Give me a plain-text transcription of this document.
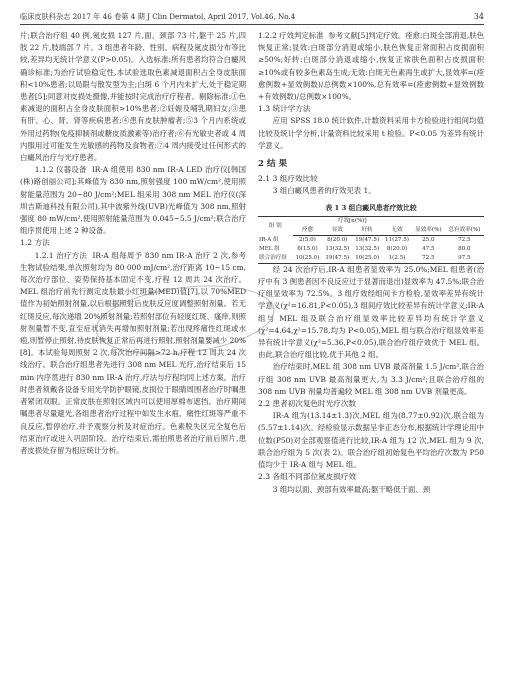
临床皮肤科杂志 2017 年 46 卷第 4 期 J Clin Dermatol, April 2017, Vol.46, No.4	34

片;联合治疗组 40 例,氪皮损 127 片,面、颈部 73 片,躯干 25 片,四肢 22 片,肢端部 7 片。3 组患者年龄、性别、病程及氪皮损分布等比较,差异均无统计学意义(P>0.05)。入选标准:所有患者均符合白癜风确诊标准;为治疗试验稳定性,本试验选取色素减退面积占全身皮肤面积<10%患者;以局限与散发型为主;白斑 6 个月内未扩大,处于稳定期患者[5];同意对皮损处摄像,并能按时完成治疗疗程者。剔除标准:①色素减退的面积占全身皮肤面积>10%患者;②妊娠及哺乳期妇女;③患有肝、心、肾、肾等疾病患者;④患有皮肤肿瘤者;⑤3 个月内系统或外用过药物(免疫抑制剂或糖皮质激素等)治疗者;⑥有光敏史者或 4 周内服用过可能发生光敏感的药物及食物者;⑦4 周内接受过任何形式的白癜风治疗与光疗患者。

1.1.2 仪器设备 IR-A 组使用 830 nm IR-A LED 治疗仪[韩国(株)路创丽公司];其峰值为 830 nm,照射强度 100 mW/cm²,使用照射能量范围为 20~80 J/cm²;MEL 组采用 308 nm MEL 治疗仪(深圳吉斯迪科技有限公司),其中波紫外线(UVB)光峰值为 308 nm,照射强度 80 mW/cm²,使用照射能量范围为 0.045~5.5 J/cm²;联合治疗组序贯使用上述 2 种设备。

1.2 方法

1.2.1 治疗方法 IR-A 组每周予 830 nm IR-A 治疗 2 次,参考生物试验结果,单次照射均为 80 000 mJ/cm²,治疗距离 10~15 cm,每次治疗部位、姿势保持基本固定不变,疗程 12 周共 24 次治疗。MEL 组治疗前先行测定皮肤最小红斑量(MED)值[7],以 70%MED 值作为初始照射剂量,以后根据照射后皮肤反应度调整照射剂量。若无红斑反应,每次递增 20%照射剂量;若照射部位有轻度红斑、瘙痒,则照射剂量暂不变,直至症状消失再增加照射剂量;若出现疼痛性红斑或水疱,则暂停止照射,待皮肤恢复正常后再进行照射,照射剂量要减少 20%[8]。本试验每周照射 2 次,每次治疗间隔>72 h,疗程 12 周共 24 次线治疗。联合治疗组患者先进行 308 nm MEL 光疗,治疗结束后 15 min 内序贯进行 830 nm IR-A 治疗,疗法与疗程均同上述方案。治疗时患者须戴各设备专用光学防护眼镜,皮损位于眼睛周围者治疗时嘱患者紧闭双眼。正常皮肤在照射区域内可以使用厚棉布遮挡。治疗期间嘱患者尽量避光,各组患者治疗过程中如发生水疱、痛性红斑等严重不良反应,暂停治疗,并予观察分析及对症治疗。色素脱失区完全复色后结束治疗或进入巩固阶段。治疗结束后,需拍照患者治疗前后照片,患者皮损处存留为相应统计分析。

1.2.2 疗效判定标准 参考文献[5]判定疗效。痊愈:白斑全部消退,肤色恢复正常;显效:白斑部分消退或缩小,肤色恢复正常面积占皮损面积≥50%;好转:白斑部分消退或缩小,恢复正常肤色面积占皮损面积≥10%或有较多色素岛生成;无效:白斑无色素再生或扩大,显效率=(痊愈例数+显效例数)/总例数×100%,总有效率=(痊愈例数+显效例数+有效例数)/总例数×100%。

1.3 统计学方法

应用 SPSS 18.0 统计软件,计数资料采用卡方检验进行组间均值比较及统计学分析,计量资料比较采用 t 检验。P<0.05 为差异有统计学意义。

2 结 果
2.1 3 组疗效比较

3 组白癜风患者的疗效见表 1。

表 1 3 组白癜风患者疗效比较
组 别	疗效[n(%)]					
	痊愈	显效	好转	无效	显效率(%)	总有效率(%)
IR-A 组	2(5.0)	8(20.0)	19(47.5)	11(27.5)	25.0	72.5
MEL 组	6(15.0)	13(32.5)	13(32.5)	8(20.0)	47.5	80.0
联合治疗组	10(25.0)	19(47.5)	10(25.0)	1(2.5)	72.5	97.5

经 24 次治疗后,IR-A 组患者显效率为 25.0%;MEL 组患者(治疗中有 3 例患者因不良反应过于显著而退出)显效率为 47.5%;联合治疗组显效率为 72.5%。3 组疗效经组间卡方检验,显效率差异有统计学意义(χ²=16.81,P<0.05),3 组间疗效比较差异有统计学意义;IR-A 组与 MEL 组及联合治疗组显效率比较差异均有统计学意义(χ²=4.64,χ²=15.78,均为 P<0.05),MEL 组与联合治疗组显效率差异有统计学意义(χ²=5.36,P<0.05),联合治疗组疗效优于 MEL 组。由此,联合治疗组比较,优于其他 2 组。

治疗结束时,MEL 组 308 nm UVB 最高剂量 1.5 J/cm²,联合治疗组 308 nm UVB 最高剂量更大,为 3.3 J/cm²;且联合治疗组的 308 nm UVB 剂量均普遍较 MEL 组 308 nm UVB 剂量更高。

2.2 患者初次复色时光疗次数

IR-A 组为(13.14±1.3)次,MEL 组为(8.77±0.92)次,联合组为(5.57±1.14)次。经检验显示数据呈非正态分布,根据统计学理论用中位数(P50)对全部观察值进行比较,IR-A 组为 12 次,MEL 组为 9 次,联合治疗组为 5 次(表 2)。联合治疗组初始复色平均治疗次数为 P50 值均少于 IR-A 组与 MEL 组。

2.3 各组不同部位氪皮损疗效

3 组均以面、颈部有效率最高;躯干略低于面、颈
